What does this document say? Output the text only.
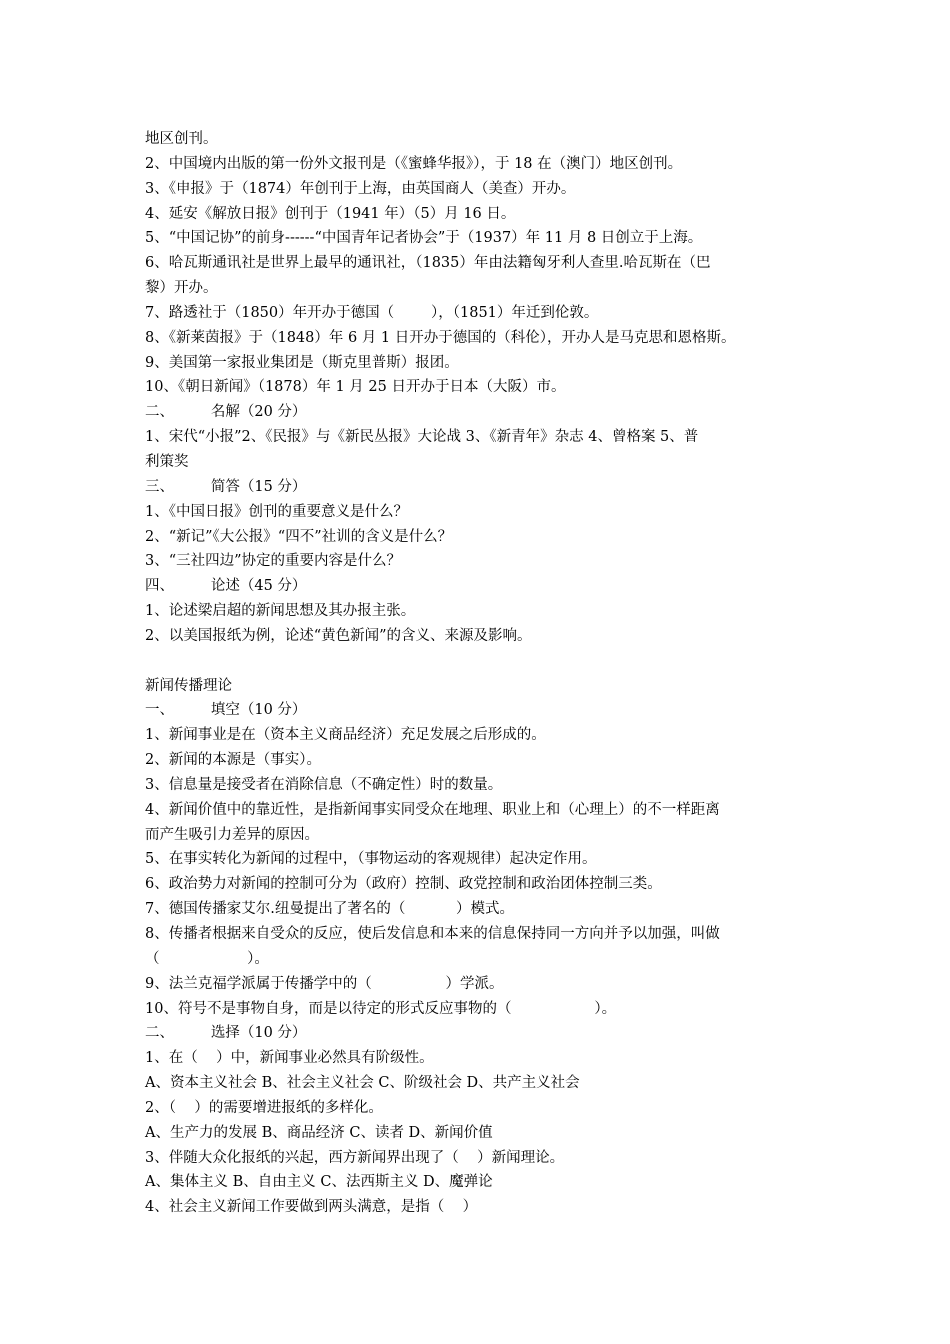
地区创刊。
2、中国境内出版的第一份外文报刊是（《蜜蜂华报》），于 18 在（澳门）地区创刊。
3、《申报》于（1874）年创刊于上海，由英国商人（美查）开办。
4、延安《解放日报》创刊于（1941 年）（5）月 16 日。
5、“中国记协”的前身------“中国青年记者协会”于（1937）年 11 月 8 日创立于上海。
6、哈瓦斯通讯社是世界上最早的通讯社，（1835）年由法籍匈牙利人查里.哈瓦斯在（巴
黎）开办。
7、路透社于（1850）年开办于德国（        ），（1851）年迁到伦敦。
8、《新莱茵报》于（1848）年 6 月 1 日开办于德国的（科伦），开办人是马克思和恩格斯。
9、美国第一家报业集团是（斯克里普斯）报团。
10、《朝日新闻》（1878）年 1 月 25 日开办于日本（大阪）市。
二、        名解（20 分）
1、宋代“小报”2、《民报》与《新民丛报》大论战 3、《新青年》杂志 4、曾格案 5、普
利策奖
三、        简答（15 分）
1、《中国日报》创刊的重要意义是什么？
2、“新记”《大公报》“四不”社训的含义是什么？
3、“三社四边”协定的重要内容是什么？
四、        论述（45 分）
1、论述梁启超的新闻思想及其办报主张。
2、以美国报纸为例，论述“黄色新闻”的含义、来源及影响。
新闻传播理论
一、        填空（10 分）
1、新闻事业是在（资本主义商品经济）充足发展之后形成的。
2、新闻的本源是（事实）。
3、信息量是接受者在消除信息（不确定性）时的数量。
4、新闻价值中的靠近性，是指新闻事实同受众在地理、职业上和（心理上）的不一样距离
而产生吸引力差异的原因。
5、在事实转化为新闻的过程中，（事物运动的客观规律）起决定作用。
6、政治势力对新闻的控制可分为（政府）控制、政党控制和政治团体控制三类。
7、德国传播家艾尔.纽曼提出了著名的（           ）模式。
8、传播者根据来自受众的反应，使后发信息和本来的信息保持同一方向并予以加强，叫做
（                   ）。
9、法兰克福学派属于传播学中的（                ）学派。
10、符号不是事物自身，而是以待定的形式反应事物的（                  ）。
二、        选择（10 分）
1、在（    ）中，新闻事业必然具有阶级性。
A、资本主义社会 B、社会主义社会 C、阶级社会 D、共产主义社会
2、（    ）的需要增进报纸的多样化。
A、生产力的发展 B、商品经济 C、读者 D、新闻价值
3、伴随大众化报纸的兴起，西方新闻界出现了（    ）新闻理论。
A、集体主义 B、自由主义 C、法西斯主义 D、魔弹论
4、社会主义新闻工作要做到两头满意，是指（    ）
